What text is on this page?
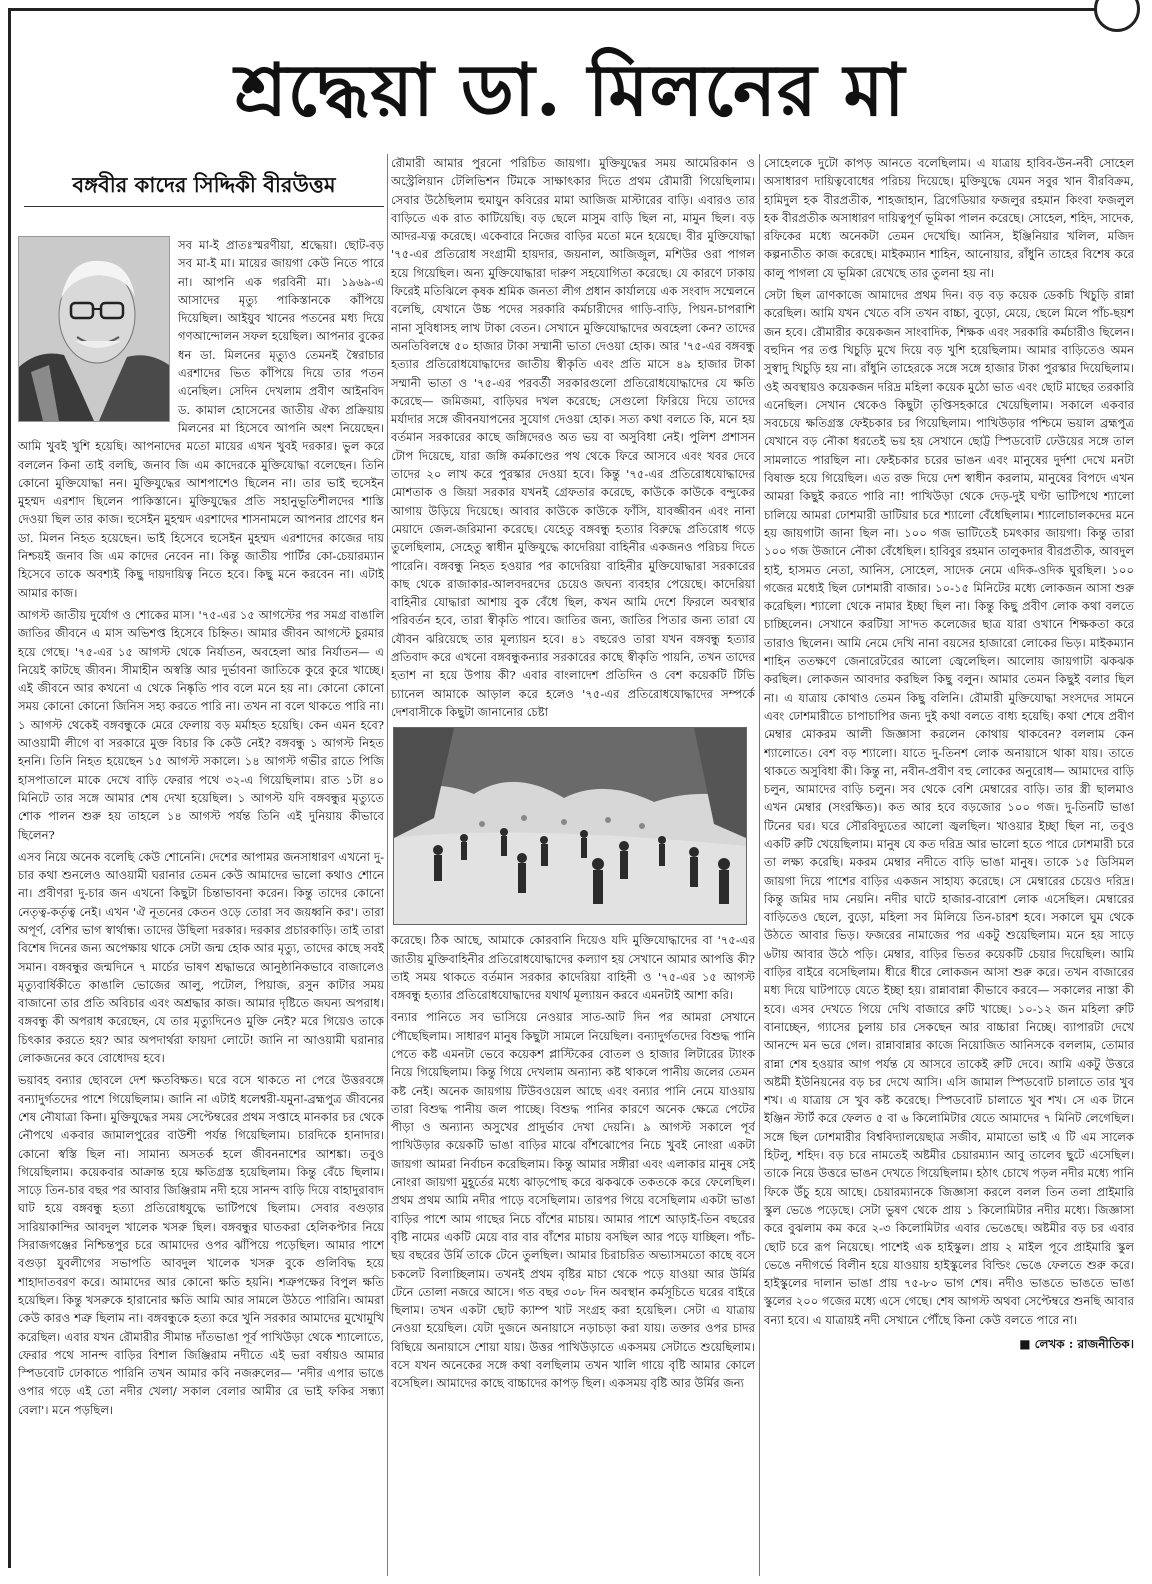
শ্রদ্ধেয়া ডা. মিলনের মা
বঙ্গবীর কাদের সিদ্দিকী বীরউত্তম

সব মা-ই প্রাতঃস্মরণীয়া, শ্রদ্ধেয়া। ছোট-বড় সব মা-ই মা। মায়ের জায়গা কেউ নিতে পারে না। আপনি এক গরবিনী মা। ১৯৬৯-এ আসাদের মৃত্যু পাকিস্তানকে কাঁপিয়ে দিয়েছিল। আইয়ুব খানের পতনের মধ্য দিয়ে গণআন্দোলন সফল হয়েছিল। আপনার বুকের ধন ডা. মিলনের মৃত্যুও তেমনই স্বৈরাচার এরশাদের ভিত কাঁপিয়ে দিয়ে তার পতন এনেছিল। সেদিন দেখলাম প্রবীণ আইনবিদ ড. কামাল হোসেনের জাতীয় ঐক্য প্রক্রিয়ায় মিলনের মা হিসেবে আপনি অংশ নিয়েছেন। আমি খুবই খুশি হয়েছি। আপনাদের মতো মায়ের এখন খুবই দরকার। ভুল করে বললেন কিনা তাই বলছি, জনাব জি এম কাদেরকে মুক্তিযোদ্ধা বলেছেন। তিনি কোনো মুক্তিযোদ্ধা নন। মুক্তিযুদ্ধের আশপাশেও ছিলেন না। তার ভাই হুসেইন মুহম্মদ এরশাদ ছিলেন পাকিস্তানে। মুক্তিযুদ্ধের প্রতি সহানুভূতিশীলদের শাস্তি দেওয়া ছিল তার কাজ। হুসেইন মুহম্মদ এরশাদের শাসনামলে আপনার প্রাণের ধন ডা. মিলন নিহত হয়েছেন। ভাই হিসেবে হুসেইন মুহম্মদ এরশাদের কাজের দায় নিশ্চয়ই জনাব জি এম কাদের নেবেন না। কিন্তু জাতীয় পার্টির কো-চেয়ারম্যান হিসেবে তাকে অবশ্যই কিছু দায়দায়িত্ব নিতে হবে। কিছু মনে করবেন না। এটাই আমার কাজ।

আগস্ট জাতীয় দুর্যোগ ও শোকের মাস। '৭৫-এর ১৫ আগস্টের পর সমগ্র বাঙালি জাতির জীবনে এ মাস অভিশপ্ত হিসেবে চিহ্নিত। আমার জীবন আগস্টে চুরমার হয়ে গেছে। '৭৫-এর ১৫ আগস্ট থেকে নির্যাতন, অবহেলা আর নির্যাতন— এ নিয়েই কাটছে জীবন। সীমাহীন অস্বস্তি আর দুর্ভাবনা জাতিকে কুরে কুরে খাচ্ছে। এই জীবনে আর কখনো এ থেকে নিষ্কৃতি পাব বলে মনে হয় না। কোনো কোনো সময় কোনো কোনো জিনিস সহ্য করতে পারি না। তখন না বলে থাকতে পারি না। ১ আগস্ট থেকেই বঙ্গবন্ধুকে মেরে ফেলায় বড় মর্মাহত হয়েছি। কেন এমন হবে? আওয়ামী লীগে বা সরকারে মুক্ত বিচার কি কেউ নেই? বঙ্গবন্ধু ১ আগস্ট নিহত হননি। তিনি নিহত হয়েছেন ১৫ আগস্ট সকালে। ১৪ আগস্ট গভীর রাতে পিজি হাসপাতালে মাকে দেখে বাড়ি ফেরার পথে ৩২-এ গিয়েছিলাম। রাত ১টা ৪০ মিনিটে তার সঙ্গে আমার শেষ দেখা হয়েছিল। ১ আগস্ট যদি বঙ্গবন্ধুর মৃত্যুতে শোক পালন শুরু হয় তাহলে ১৪ আগস্ট পর্যন্ত তিনি এই দুনিয়ায় কীভাবে ছিলেন?

এসব নিয়ে অনেক বলেছি কেউ শোনেনি। দেশের আপামর জনসাধারণ এখনো দু-চার কথা শুনলেও আওয়ামী ঘরানার তেমন কেউ আমাদের ভালো কথাও শোনে না। প্রবীণরা দু-চার জন এখনো কিছুটা চিন্তাভাবনা করেন। কিন্তু তাদের কোনো নেতৃত্ব-কর্তৃত্ব নেই। এখন 'ঐ নূতনের কেতন ওড়ে তোরা সব জয়ধ্বনি কর'। তারা অপূর্ণ, বেশির ভাগ স্বার্থান্ধ। তাদের উছিলা দরকার। দরকার প্রচারকাড়ি। তাই তারা বিশেষ দিনের জন্য অপেক্ষায় থাকে সেটা জন্ম হোক আর মৃত্যু, তাদের কাছে সবই সমান। বঙ্গবন্ধুর জন্মদিনে ৭ মার্চের ভাষণ শ্রদ্ধাভরে আনুষ্ঠানিকভাবে বাজালেও মৃত্যুবার্ষিকীতে কাঙালি ভোজের আলু, পটোল, পিয়াজ, রসুন কাটার সময় বাজানো তার প্রতি অবিচার এবং অশ্রদ্ধার কাজ। আমার দৃষ্টিতে জঘন্য অপরাধ। বঙ্গবন্ধু কী অপরাধ করেছেন, যে তার মৃত্যুদিনেও মুক্তি নেই? মরে গিয়েও তাকে চিৎকার করতে হয়? আর অপদার্থরা ফায়দা লোটে! জানি না আওয়ামী ঘরানার লোকজনের কবে বোধোদয় হবে।

ভয়াবহ বন্যার ছোবলে দেশ ক্ষতবিক্ষত। ঘরে বসে থাকতে না পেরে উত্তরবঙ্গে বন্যাদুর্গতদের পাশে গিয়েছিলাম। জানি না এটাই ধলেশ্বরী-যমুনা-ব্রহ্মপুত্র জীবনের শেষ নৌযাত্রা কিনা। মুক্তিযুদ্ধের সময় সেপ্টেম্বরের প্রথম সপ্তাহে মানকার চর থেকে নৌপথে একবার জামালপুরের বাউশী পর্যন্ত গিয়েছিলাম। চারদিকে হানাদার। কোনো স্বস্তি ছিল না। সামান্য অসতর্ক হলে জীবননাশের আশঙ্কা। তবুও গিয়েছিলাম। কয়েকবার আক্রান্ত হয়ে ক্ষতিগ্রস্ত হয়েছিলাম। কিন্তু বেঁচে ছিলাম। সাড়ে তিন-চার বছর পর আবার জিঞ্জিরাম নদী হয়ে সানন্দ বাড়ি দিয়ে বাহাদুরাবাদ ঘাট হয়ে বঙ্গবন্ধু হত্যা প্রতিরোধযুদ্ধে ভাটিপথে ছিলাম। সেবার বগুড়ার সারিয়াকান্দির আবদুল খালেক খসরু ছিল। বঙ্গবন্ধুর ঘাতকরা হেলিকপ্টার নিয়ে সিরাজগঞ্জের নিশ্চিন্তপুর চরে আমাদের ওপর ঝাঁপিয়ে পড়েছিল। আমার পাশে বগুড়া যুবলীগের সভাপতি আবদুল খালেক খসরু বুকে গুলিবিদ্ধ হয়ে শাহাদাতবরণ করে। আমাদের আর কোনো ক্ষতি হয়নি। শত্রুপক্ষের বিপুল ক্ষতি হয়েছিল। কিন্তু খসরুকে হারানোর ক্ষতি আমি আর সামলে উঠতে পারিনি। আমরা কেউ কারও শত্রু ছিলাম না। বঙ্গবন্ধুকে হত্যা করে খুনি সরকার আমাদের মুখোমুখি করেছিল। এবার যখন রৌমারীর সীমান্ত দাঁতভাঙা পূর্ব পাখিউড়া থেকে শ্যালোতে, ফেরার পথে সানন্দ বাড়ির বিশাল জিঞ্জিরাম নদীতে এই ভরা বর্ষায়ও আমার স্পিডবোট ঢোকাতে পারিনি তখন আমার কবি নজরুলের— 'নদীর এপার ভাঙে ওপার গড়ে এই তো নদীর খেলা/ সকাল বেলার আমীর রে ভাই ফকির সন্ধ্যা বেলা'। মনে পড়ছিল।

রৌমারী আমার পুরনো পরিচিত জায়গা। মুক্তিযুদ্ধের সময় আমেরিকান ও অস্ট্রেলিয়ান টেলিভিশন টিমকে সাক্ষাৎকার দিতে প্রথম রৌমারী গিয়েছিলাম। সেবার উঠেছিলাম হুমায়ুন কবিরের মামা আজিজ মাস্টারের বাড়ি। এবারও তার বাড়িতে এক রাত কাটিয়েছি। বড় ছেলে মাসুম বাড়ি ছিল না, মামুন ছিল। বড় আদর-যত্ন করেছে। একেবারে নিজের বাড়ির মতো মনে হয়েছে। বীর মুক্তিযোদ্ধা '৭৫-এর প্রতিরোধ সংগ্রামী হায়দার, জয়নাল, আজিজুল, মশিউর ওরা পাগল হয়ে গিয়েছিল। অন্য মুক্তিযোদ্ধারা দারুণ সহযোগিতা করেছে। যে কারণে ঢাকায় ফিরেই মতিঝিলে কৃষক শ্রমিক জনতা লীগ প্রধান কার্যালয়ে এক সংবাদ সম্মেলনে বলেছি, যেখানে উচ্চ পদের সরকারি কর্মচারীদের গাড়ি-বাড়ি, পিয়ন-চাপরাশি নানা সুবিধাসহ লাখ টাকা বেতন। সেখানে মুক্তিযোদ্ধাদের অবহেলা কেন? তাদের অনতিবিলম্বে ৫০ হাজার টাকা সম্মানী ভাতা দেওয়া হোক। আর '৭৫-এর বঙ্গবন্ধু হত্যার প্রতিরোধযোদ্ধাদের জাতীয় স্বীকৃতি এবং প্রতি মাসে ৪৯ হাজার টাকা সম্মানী ভাতা ও '৭৫-এর পরবর্তী সরকারগুলো প্রতিরোধযোদ্ধাদের যে ক্ষতি করেছে— জমিজমা, বাড়িঘর দখল করেছে; সেগুলো ফিরিয়ে দিয়ে তাদের মর্যাদার সঙ্গে জীবনযাপনের সুযোগ দেওয়া হোক। সত্য কথা বলতে কি, মনে হয় বর্তমান সরকারের কাছে জঙ্গিদেরও অত ভয় বা অসুবিধা নেই। পুলিশ প্রশাসন টোপ দিয়েছে, যারা জঙ্গি কর্মকাণ্ডের পথ থেকে ফিরে আসবে এবং খবর দেবে তাদের ২০ লাখ করে পুরস্কার দেওয়া হবে। কিন্তু '৭৫-এর প্রতিরোধযোদ্ধাদের মোশতাক ও জিয়া সরকার যখনই গ্রেফতার করেছে, কাউকে কাউকে বন্দুকের আগায় উড়িয়ে দিয়েছে। আবার কাউকে কাউকে ফাঁসি, যাবজ্জীবন এবং নানা মেয়াদে জেল-জরিমানা করেছে। যেহেতু বঙ্গবন্ধু হত্যার বিরুদ্ধে প্রতিরোধ গড়ে তুলেছিলাম, সেহেতু স্বাধীন মুক্তিযুদ্ধে কাদেরিয়া বাহিনীর একজনও পরিচয় দিতে পারেনি। বঙ্গবন্ধু নিহত হওয়ার পর কাদেরিয়া বাহিনীর মুক্তিযোদ্ধারা সরকারের কাছ থেকে রাজাকার-আলবদরদের চেয়েও জঘন্য ব্যবহার পেয়েছে। কাদেরিয়া বাহিনীর যোদ্ধারা আশায় বুক বেঁধে ছিল, কখন আমি দেশে ফিরলে অবস্থার পরিবর্তন হবে, তারা স্বীকৃতি পাবে। জাতির জন্য, জাতির পিতার জন্য তারা যে যৌবন ঝরিয়েছে তার মূল্যায়ন হবে। ৪১ বছরেও তারা যখন বঙ্গবন্ধু হত্যার প্রতিবাদ করে এখনো বঙ্গবন্ধুকন্যার সরকারের কাছে স্বীকৃতি পায়নি, তখন তাদের হতাশ না হয়ে উপায় কী? এবার বাংলাদেশ প্রতিদিন ও বেশ কয়েকটি টিভি চ্যানেল আমাকে আড়াল করে হলেও '৭৫-এর প্রতিরোধযোদ্ধাদের সম্পর্কে দেশবাসীকে কিছুটা জানানোর চেষ্টা

করেছে। ঠিক আছে, আমাকে কোরবানি দিয়েও যদি মুক্তিযোদ্ধাদের বা '৭৫-এর জাতীয় মুক্তিবাহিনীর প্রতিরোধযোদ্ধাদের কল্যাণ হয় সেখানে আমার আপত্তি কী? তাই সময় থাকতে বর্তমান সরকার কাদেরিয়া বাহিনী ও '৭৫-এর ১৫ আগস্ট বঙ্গবন্ধু হত্যার প্রতিরোধযোদ্ধাদের যথার্থ মূল্যায়ন করবে এমনটাই আশা করি।

বন্যার পানিতে সব ভাসিয়ে নেওয়ার সাত-আট দিন পর আমরা সেখানে পৌছেছিলাম। সাধারণ মানুষ কিছুটা সামলে নিয়েছিল। বন্যাদুর্গতদের বিশুদ্ধ পানি পেতে কষ্ট এমনটা ভেবে কয়েকশ প্লাস্টিকের বোতল ও হাজার লিটারের ট্যাংক নিয়ে গিয়েছিলাম। কিন্তু গিয়ে দেখলাম অন্যান্য কষ্ট থাকলে পানীয় জলের তেমন কষ্ট নেই। অনেক জায়গায় টিউবওয়েল আছে এবং বন্যার পানি নেমে যাওয়ায় তারা বিশুদ্ধ পানীয় জল পাচ্ছে। বিশুদ্ধ পানির কারণে অনেক ক্ষেত্রে পেটের পীড়া ও অন্যান্য অসুখের প্রাদুর্ভাব দেখা দেয়নি। ৯ আগস্ট সকালে পূর্ব পাখিউড়ার কয়েকটি ভাঙা বাড়ির মাঝে বাঁশঝোপের নিচে খুবই নোংরা একটা জায়গা আমরা নির্বাচন করেছিলাম। কিন্তু আমার সঙ্গীরা এবং এলাকার মানুষ সেই নোংরা জায়গা মুহূর্তের মধ্যে ঝাড়পোছ করে ঝকঝকে তকতকে করে ফেলেছিল। প্রথম প্রথম আমি নদীর পাড়ে বসেছিলাম। তারপর গিয়ে বসেছিলাম একটা ভাঙা বাড়ির পাশে আম গাছের নিচে বাঁশের মাচায়। আমার পাশে আড়াই-তিন বছরের বৃষ্টি নামের একটি মেয়ে বার বার বাঁশের মাচায় বসছিল আর পড়ে যাচ্ছিল। পাঁচ-ছয় বছরের উর্মি তাকে টেনে তুলছিল। আমার চিরাচরিত অভ্যাসমতো কাছে বসে চকলেট বিলাচ্ছিলাম। তখনই প্রথম বৃষ্টির মাচা থেকে পড়ে যাওয়া আর উর্মির টেনে তোলা নজরে আসে। গত বছর ৩০৮ দিন অবস্থান কর্মসূচিতে ঘরের বাইরে ছিলাম। তখন একটা ছোট ক্যাম্প খাট সংগ্রহ করা হয়েছিল। সেটা এ যাত্রায় নেওয়া হয়েছিল। যেটা দুজনে অনায়াসে নড়াচড়া করা যায়। তক্তার ওপর চাদর বিছিয়ে অনায়াসে শোয়া যায়। উত্তর পাখিউড়াতে একসময় সেটাতে শুয়েছিলাম। বসে যখন অনেকের সঙ্গে কথা বলছিলাম তখন খালি গায়ে বৃষ্টি আমার কোলে বসেছিল। আমাদের কাছে বাচ্চাদের কাপড় ছিল। একসময় বৃষ্টি আর উর্মির জন্য

সোহেলকে দুটো কাপড় আনতে বলেছিলাম। এ যাত্রায় হাবিব-উন-নবী সোহেল অসাধারণ দায়িত্ববোধের পরিচয় দিয়েছে। মুক্তিযুদ্ধে যেমন সবুর খান বীরবিক্রম, হামিদুল হক বীরপ্রতীক, শাহজাহান, ব্রিগেডিয়ার ফজলুর রহমান কিংবা ফজলুল হক বীরপ্রতীক অসাধারণ দায়িত্বপূর্ণ ভূমিকা পালন করেছে। সোহেল, শহিদ, সাদেক, রফিকের মধ্যে অনেকটা তেমন দেখেছি। আনিস, ইঞ্জিনিয়ার খলিল, মজিদ কল্পনাতীত কাজ করেছে। মাইকম্যান শাহিন, আনোয়ার, রাঁধুনি তাহের বিশেষ করে কালু পাগলা যে ভূমিকা রেখেছে তার তুলনা হয় না।

সেটা ছিল ত্রাণকাজে আমাদের প্রথম দিন। বড় বড় কয়েক ডেকচি খিচুড়ি রান্না করেছিল। আমি যখন খেতে বসি তখন বাচ্চা, বুড়ো, মেয়ে, ছেলে মিলে পাঁচ-ছয়শ জন হবে। রৌমারীর কয়েকজন সাংবাদিক, শিক্ষক এবং সরকারি কর্মচারীও ছিলেন। বহুদিন পর তপ্ত খিচুড়ি মুখে দিয়ে বড় খুশি হয়েছিলাম। আমার বাড়িতেও অমন সুস্বাদু খিচুড়ি হয় না। রাঁধুনি তাহেরকে সঙ্গে সঙ্গে হাজার টাকা পুরস্কার দিয়েছিলাম। ওই অবস্থায়ও কয়েকজন দরিদ্র মহিলা কয়েক মুঠো ভাত এবং ছোট মাছের তরকারি এনেছিল। সেখান থেকেও কিছুটা তৃপ্তিসহকারে খেয়েছিলাম। সকালে একবার সবচেয়ে ক্ষতিগ্রস্ত ফেইচকার চর গিয়েছিলাম। পাখিউড়ার পশ্চিমে ভয়াল ব্রহ্মপুত্র যেখানে বড় নৌকা ধরতেই ভয় হয় সেখানে ছোট্ট স্পিডবোট ঢেউয়ের সঙ্গে তাল সামলাতে পারছিল না। ফেইচকার চরের ভাঙন এবং মানুষের দুর্দশা দেখে মনটা বিষাক্ত হয়ে গিয়েছিল। এত রক্ত দিয়ে দেশ স্বাধীন করলাম, মানুষের বিপদে এখন আমরা কিছুই করতে পারি না! পাখিউড়া থেকে দেড়-দুই ঘণ্টা ভাটিপথে শ্যালো চালিয়ে আমরা ঢোশমারী ডাটিয়ার চরে শ্যালো বেঁধেছিলাম। শ্যালোচালকদের মনে হয় জায়গাটা জানা ছিল না। ১০০ গজ ভাটিতেই চমৎকার জায়গা। কিন্তু তারা ১০০ গজ উজানে নৌকা বেঁধেছিল। হাবিবুর রহমান তালুকদার বীরপ্রতীক, আবদুল হাই, হাসমত নেতা, আনিস, সোহেল, সাদেক নেমে এদিক-ওদিক ঘুরছিল। ১০০ গজের মধ্যেই ছিল ঢোশমারী বাজার। ১০-১৫ মিনিটের মধ্যে লোকজন আসা শুরু করেছিল। শ্যালো থেকে নামার ইচ্ছা ছিল না। কিন্তু কিছু প্রবীণ লোক কথা বলতে চাচ্ছিলেন। সেখানে করটিয়া সা'দত কলেজের ছাত্র যারা ওখানে শিক্ষকতা করে তারাও ছিলেন। আমি নেমে দেখি নানা বয়সের হাজারো লোকের ভিড়। মাইকম্যান শাহিন ততক্ষণে জেনারেটরের আলো জ্বেলেছিল। আলোয় জায়গাটা ঝকঝক করছিল। লোকজন আবদার করছিল কিছু বলুন। আমার তেমন কিছুই বলার ছিল না। এ যাত্রায় কোথাও তেমন কিছু বলিনি। রৌমারী মুক্তিযোদ্ধা সংসদের সামনে এবং ঢোশমারীতে চাপাচাপির জন্য দুই কথা বলতে বাধ্য হয়েছি। কথা শেষে প্রবীণ মেম্বার মোকরম আলী জিজ্ঞাসা করলেন কোথায় থাকবেন? বললাম কেন শ্যালোতে। বেশ বড় শ্যালো। যাতে দু-তিনশ লোক অনায়াসে থাকা যায়। তাতে থাকতে অসুবিধা কী। কিন্তু না, নবীন-প্রবীণ বহু লোকের অনুরোধ— আমাদের বাড়ি চলুন, আমাদের বাড়ি চলুন। সব থেকে বেশি মেম্বারের বাড়ি। তার স্ত্রী ছালমাও এখন মেম্বার (সংরক্ষিত)। কত আর হবে বড়জোর ১০০ গজ। দু-তিনটি ভাঙা টিনের ঘর। ঘরে সৌরবিদ্যুতের আলো জ্বলছিল। খাওয়ার ইচ্ছা ছিল না, তবুও একটি রুটি খেয়েছিলাম। মানুষ যে কত দরিদ্র আর ভালো হতে পারে ঢোশমারী চরে তা লক্ষ্য করেছি। মকরম মেম্বার নদীতে বাড়ি ভাঙা মানুষ। তাকে ১৫ ডিসিমল জায়গা দিয়ে পাশের বাড়ির একজন সাহায্য করেছে। সে মেম্বারের চেয়েও দরিদ্র। কিন্তু জমির দাম নেয়নি। নদীর ঘাটে হাজার-বারোশ লোক এসেছিল। মেম্বারের বাড়িতেও ছেলে, বুড়ো, মহিলা সব মিলিয়ে তিন-চারশ হবে। সকালে ঘুম থেকে উঠতে আবার ভিড়। ফজরের নামাজের পর একটু শুয়েছিলাম। মনে হয় সাড়ে ৬টায় আবার উঠে পড়ি। মেম্বার, বাড়ির ভিতর কয়েকটি চেয়ার দিয়েছিল। আমি বাড়ির বাইরে বসেছিলাম। ধীরে ধীরে লোকজন আসা শুরু করে। তখন বাজারের মধ্য দিয়ে ঘাটপাড়ে যেতে ইচ্ছা হয়। রান্নাবান্না কীভাবে করবে— সকালের নাস্তা কী হবে। এসব দেখতে গিয়ে দেখি বাজারে রুটি খাচ্ছে। ১০-১২ জন মহিলা রুটি বানাচ্ছেন, গ্যাসের চুলায় চার সেকছেন আর বাচ্চারা নিচ্ছে। ব্যাপারটা দেখে আনন্দে মন ভরে গেল। রান্নাবান্নার কাজে নিয়োজিত আনিসকে বললাম, তোমার রান্না শেষ হওয়ার আগ পর্যন্ত যে আসবে তাকেই রুটি দেবে। আমি একটু উত্তরে অষ্টমী ইউনিয়নের বড় চর দেখে আসি। এসি জামাল স্পিডবোট চালাতে তার খুব শখ। এ যাত্রায় সে খুব কষ্ট করেছে। স্পিডবোট চালাতে খুব শখ। সে এক টানে ইঞ্জিন স্টার্ট করে ফেলত ৫ বা ৬ কিলোমিটার যেতে আমাদের ৭ মিনিট লেগেছিল। সঙ্গে ছিল ঢোশমারীর বিশ্ববিদ্যালয়েছাত্র সজীব, মামাতো ভাই এ টি এম সালেক হিটলু, শহিদ। বড় চরে নামতেই অষ্টমীর চেয়ারম্যান আবু তালেব ছুটে এসেছিল। তাকে নিয়ে উত্তরে ভাঙন দেখতে গিয়েছিলাম। হঠাৎ চোখে পড়ল নদীর মধ্যে পানি ফিকে উঁচু হয়ে আছে। চেয়ারম্যানকে জিজ্ঞাসা করলে বলল তিন তলা প্রাইমারি স্কুল ভেঙে পড়েছে। সেটা ভুষণ থেকে প্রায় ১ কিলোমিটার নদীর মধ্যে। জিজ্ঞাসা করে বুঝলাম কম করে ২-৩ কিলোমিটার এবার ভেঙেছে। অষ্টমীর বড় চর এবার ছোট চরে রূপ নিয়েছে। পাশেই এক হাইস্কুল। প্রায় ২ মাইল পূবে প্রাইমারি স্কুল ভেঙে নদীগর্ভে বিলীন হয়ে যাওয়ায় হাইস্কুলের বিল্ডিং ভেঙে ফেলতে শুরু করে। হাইস্কুলের দালান ভাঙা প্রায় ৭৫-৮০ ভাগ শেষ। নদীও ভাঙতে ভাঙতে ভাঙা স্কুলের ২০০ গজের মধ্যে এসে গেছে। শেষ আগস্ট অথবা সেপ্টেম্বরে শুনছি আবার বন্যা হবে। এ যাত্রায়ই নদী সেখানে পৌঁছে কিনা কেউ বলতে পারে না।

■ লেখক : রাজনীতিক।
